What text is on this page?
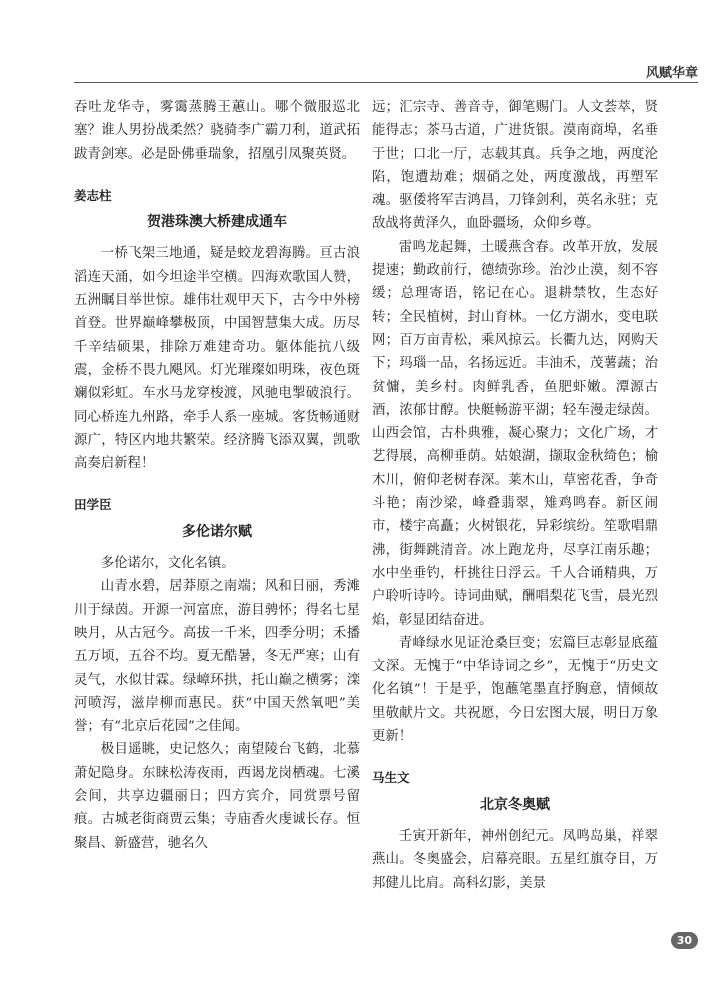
风赋华章

吞吐龙华寺，雾霭蒸腾王蕙山。哪个微服巡北塞？谁人男扮战柔然？骁骑李广霸刀利，道武拓跋青剑寒。必是卧佛垂瑞象，招凰引凤聚英贤。

姜志柱
贺港珠澳大桥建成通车

一桥飞架三地通，疑是蛟龙碧海腾。亘古浪滔连天涌，如今坦途半空横。四海欢歌国人赞，五洲瞩目举世惊。雄伟壮观甲天下，古今中外榜首登。世界巅峰攀极顶，中国智慧集大成。历尽千辛结硕果，排除万难建奇功。躯体能抗八级震，金桥不畏九飓风。灯光璀璨如明珠，夜色斑斓似彩虹。车水马龙穿梭渡，风驰电掣破浪行。同心桥连九州路，牵手人系一座城。客货畅通财源广，特区内地共繁荣。经济腾飞添双翼，凯歌高奏启新程！

田学臣
多伦诺尔赋

多伦诺尔，文化名镇。

山青水碧，居莽原之南端；风和日丽，秀滩川于绿茵。开源一河富庶，游目骋怀；得名七星映月，从古冠今。高拔一千米，四季分明；禾播五万顷，五谷不均。夏无酷暑，冬无严寒；山有灵气，水似甘霖。绿嶂环拱，托山巅之横雾；滦河喷泻，滋岸柳而惠民。获“中国天然氧吧”美誉；有“北京后花园”之佳闻。

极目遥眺，史记悠久；南望陵台飞鹤，北慕萧妃隐身。东睐松涛夜雨，西谒龙岗栖魂。七溪会间，共享边疆丽日；四方宾介，同赏票号留痕。古城老街商贾云集；寺庙香火虔诚长存。恒聚昌、新盛营，驰名久

远；汇宗寺、善音寺，御笔赐门。人文荟萃，贤能得志；茶马古道，广进货银。漠南商埠，名垂于世；口北一厅，志载其真。兵争之地，两度沦陷，饱遭劫难；烟硝之处，两度激战，再塑军魂。驱倭将军吉鸿昌，刀锋剑利，英名永驻；克敌战将黄泽久，血卧疆场，众仰乡尊。

雷鸣龙起舞，土暖燕含春。改革开放，发展提速；勤政前行，德绩弥珍。治沙止漠，刻不容缓；总理寄语，铭记在心。退耕禁牧，生态好转；全民植树，封山育林。一亿方湖水，变电联网；百万亩青松，乘风掠云。长衢九达，网购天下；玛瑙一品，名扬远近。丰油禾，茂薯蔬；治贫慵，美乡村。肉鲜乳香，鱼肥虾嫩。潭源古酒，浓郁甘醇。快艇畅游平湖；轻车漫走绿茵。山西会馆，古朴典雅，凝心聚力；文化广场，才艺得展，高柳垂荫。姑娘湖，撷取金秋绮色；榆木川，俯仰老树春深。莱木山，草密花香，争奇斗艳；南沙梁，峰叠翡翠，雉鸡鸣春。新区闹市，楼宇高矗；火树银花，异彩缤纷。笙歌唱鼎沸，街舞跳清音。冰上跑龙舟，尽享江南乐趣；水中坐垂钓，杆挑往日浮云。千人合诵精典，万户聆听诗吟。诗词曲赋，酬唱梨花飞雪，晨光烈焰，彰显团结奋进。

青峰绿水见证沧桑巨变；宏篇巨志彰显底蕴文深。无愧于“中华诗词之乡”，无愧于“历史文化名镇”！于是乎，饱蘸笔墨直抒胸意，情倾故里敬献片文。共祝愿，今日宏图大展，明日万象更新！

马生文
北京冬奥赋

壬寅开新年，神州创纪元。凤鸣岛巢，祥翠燕山。冬奥盛会，启幕亮眼。五星红旗夺目，万邦健儿比肩。高科幻影，美景

30
